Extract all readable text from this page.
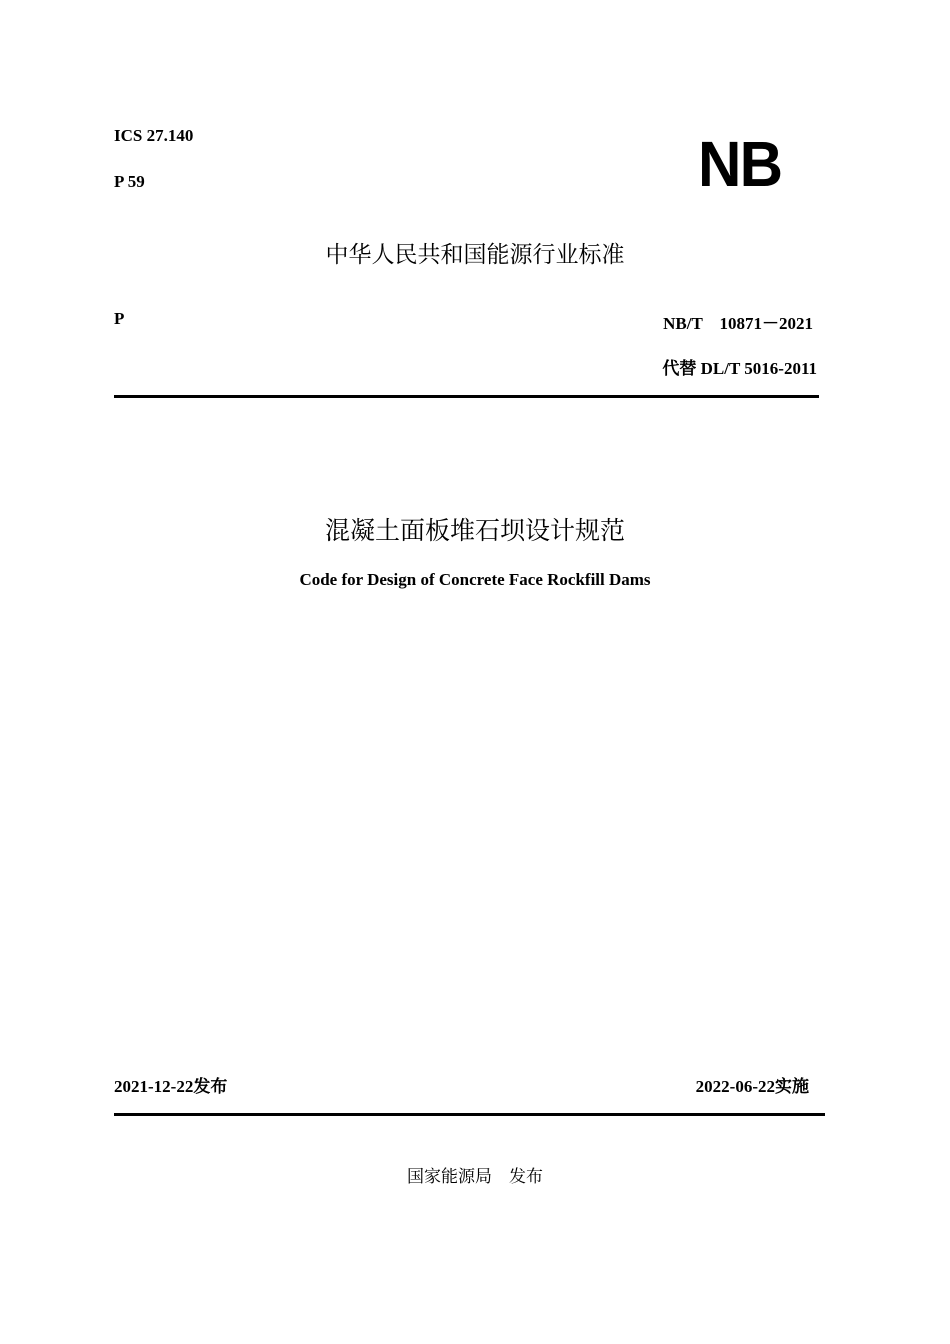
ICS 27.140
P 59	NB
中华人民共和国能源行业标准
P	NB/T　10871－2021
代替 DL/T 5016-2011
混凝土面板堆石坝设计规范
Code for Design of Concrete Face Rockfill Dams
2021-12-22发布	2022-06-22实施
国家能源局　发布
